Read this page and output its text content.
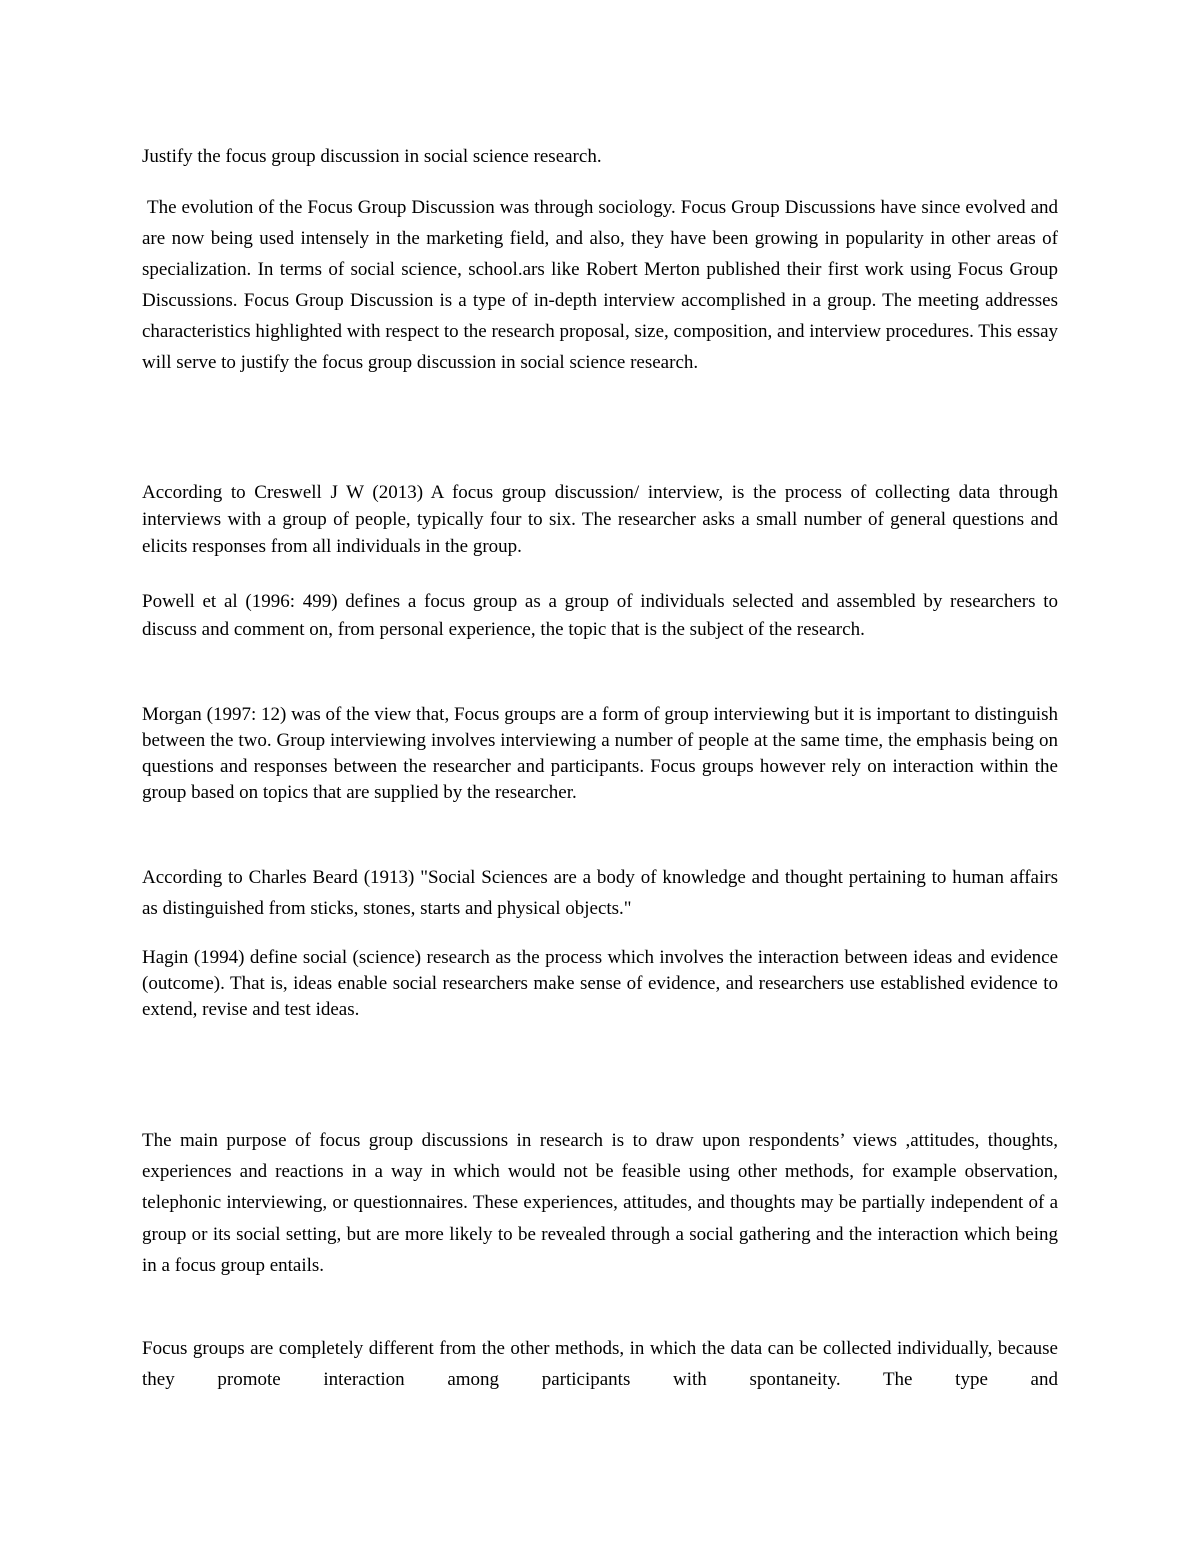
Justify the focus group discussion in social science research.

The evolution of the Focus Group Discussion was through sociology. Focus Group Discussions have since evolved and are now being used intensely in the marketing field, and also, they have been growing in popularity in other areas of specialization. In terms of social science, school.ars like Robert Merton published their first work using Focus Group Discussions. Focus Group Discussion is a type of in-depth interview accomplished in a group. The meeting addresses characteristics highlighted with respect to the research proposal, size, composition, and interview procedures. This essay will serve to justify the focus group discussion in social science research.

According to Creswell J W (2013) A focus group discussion/ interview, is the process of collecting data through interviews with a group of people, typically four to six. The researcher asks a small number of general questions and elicits responses from all individuals in the group.

Powell et al (1996: 499) defines a focus group as a group of individuals selected and assembled by researchers to discuss and comment on, from personal experience, the topic that is the subject of the research.

Morgan (1997: 12) was of the view that, Focus groups are a form of group interviewing but it is important to distinguish between the two. Group interviewing involves interviewing a number of people at the same time, the emphasis being on questions and responses between the researcher and participants. Focus groups however rely on interaction within the group based on topics that are supplied by the researcher.

According to Charles Beard (1913) "Social Sciences are a body of knowledge and thought pertaining to human affairs as distinguished from sticks, stones, starts and physical objects."

Hagin (1994) define social (science) research as the process which involves the interaction between ideas and evidence (outcome). That is, ideas enable social researchers make sense of evidence, and researchers use established evidence to extend, revise and test ideas.

The main purpose of focus group discussions in research is to draw upon respondents’ views ,attitudes, thoughts, experiences and reactions in a way in which would not be feasible using other methods, for example observation, telephonic interviewing, or questionnaires. These experiences, attitudes, and thoughts may be partially independent of a group or its social setting, but are more likely to be revealed through a social gathering and the interaction which being in a focus group entails.

Focus groups are completely different from the other methods, in which the data can be collected individually, because they promote interaction among participants with spontaneity. The type and
